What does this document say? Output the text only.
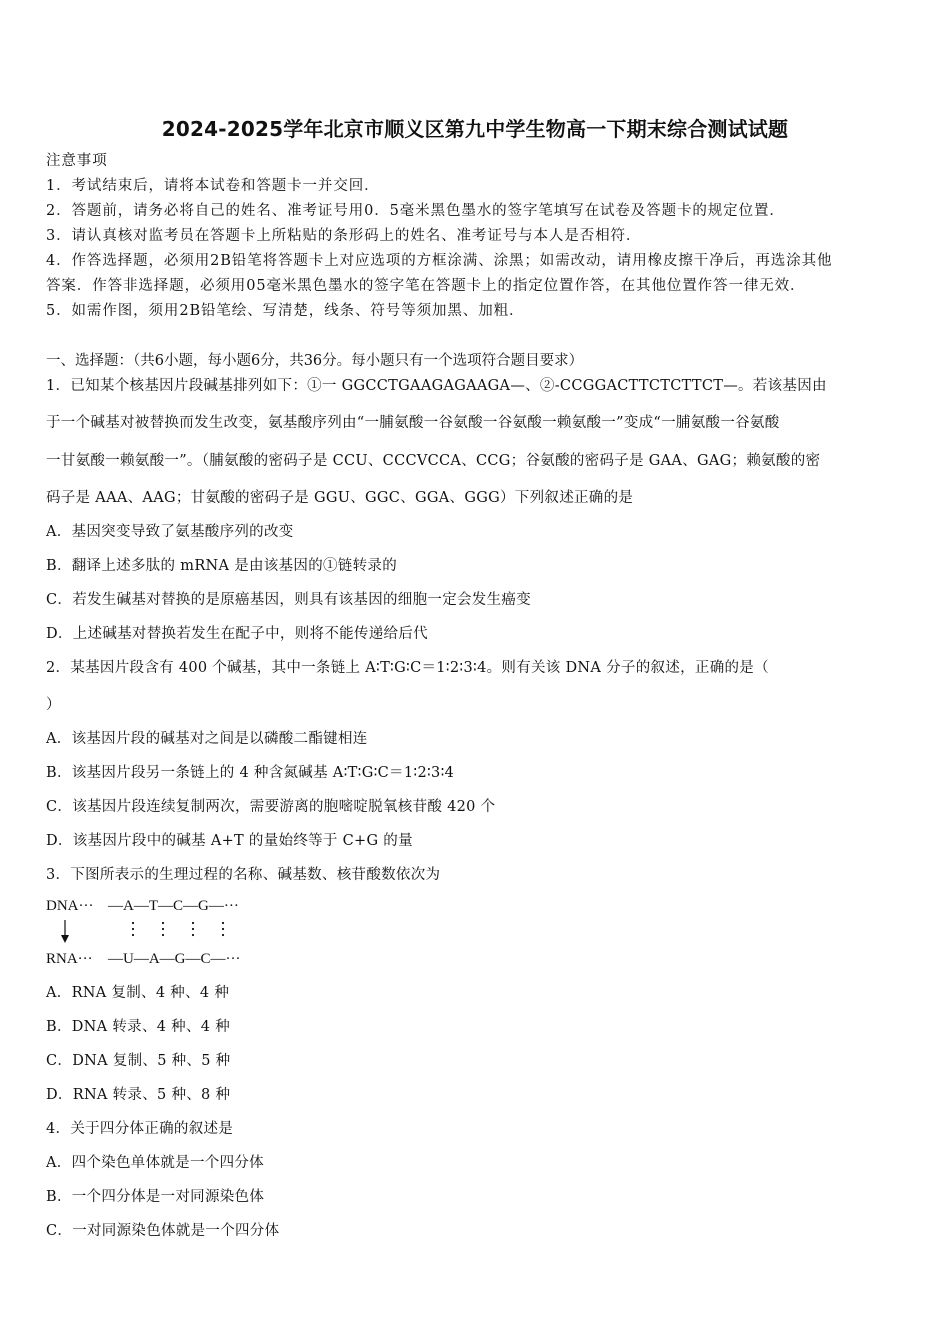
2024-2025学年北京市顺义区第九中学生物高一下期末综合测试试题
注意事项
1．考试结束后，请将本试卷和答题卡一并交回．
2．答题前，请务必将自己的姓名、准考证号用0．5毫米黑色墨水的签字笔填写在试卷及答题卡的规定位置．
3．请认真核对监考员在答题卡上所粘贴的条形码上的姓名、准考证号与本人是否相符．
4．作答选择题，必须用2B铅笔将答题卡上对应选项的方框涂满、涂黑；如需改动，请用橡皮擦干净后，再选涂其他
答案．作答非选择题，必须用05毫米黑色墨水的签字笔在答题卡上的指定位置作答，在其他位置作答一律无效．
5．如需作图，须用2B铅笔绘、写清楚，线条、符号等须加黑、加粗．
一、选择题：（共6小题，每小题6分，共36分。每小题只有一个选项符合题目要求）
1．已知某个核基因片段碱基排列如下：①一 GGCCTGAAGAGAAGA—、②-CCGGACTTCTCTTCT—。若该基因由
于一个碱基对被替换而发生改变，氨基酸序列由“一脯氨酸一谷氨酸一谷氨酸一赖氨酸一”变成“一脯氨酸一谷氨酸
一甘氨酸一赖氨酸一”。（脯氨酸的密码子是 CCU、CCCVCCA、CCG；谷氨酸的密码子是 GAA、GAG；赖氨酸的密
码子是 AAA、AAG；甘氨酸的密码子是 GGU、GGC、GGA、GGG）下列叙述正确的是
A．基因突变导致了氨基酸序列的改变
B．翻译上述多肽的 mRNA 是由该基因的①链转录的
C．若发生碱基对替换的是原癌基因，则具有该基因的细胞一定会发生癌变
D．上述碱基对替换若发生在配子中，则将不能传递给后代
2．某基因片段含有 400 个碱基，其中一条链上 A∶T∶G∶C＝1∶2∶3∶4。则有关该 DNA 分子的叙述，正确的是（
）
A．该基因片段的碱基对之间是以磷酸二酯键相连
B．该基因片段另一条链上的 4 种含氮碱基 A∶T∶G∶C＝1∶2∶3∶4
C．该基因片段连续复制两次，需要游离的胞嘧啶脱氧核苷酸 420 个
D．该基因片段中的碱基 A+T 的量始终等于 C+G 的量
3．下图所表示的生理过程的名称、碱基数、核苷酸数依次为
DNA··· —A—T—C—G—···
RNA··· —U—A—G—C—···
A．RNA 复制、4 种、4 种
B．DNA 转录、4 种、4 种
C．DNA 复制、5 种、5 种
D．RNA 转录、5 种、8 种
4．关于四分体正确的叙述是
A．四个染色单体就是一个四分体
B．一个四分体是一对同源染色体
C．一对同源染色体就是一个四分体
